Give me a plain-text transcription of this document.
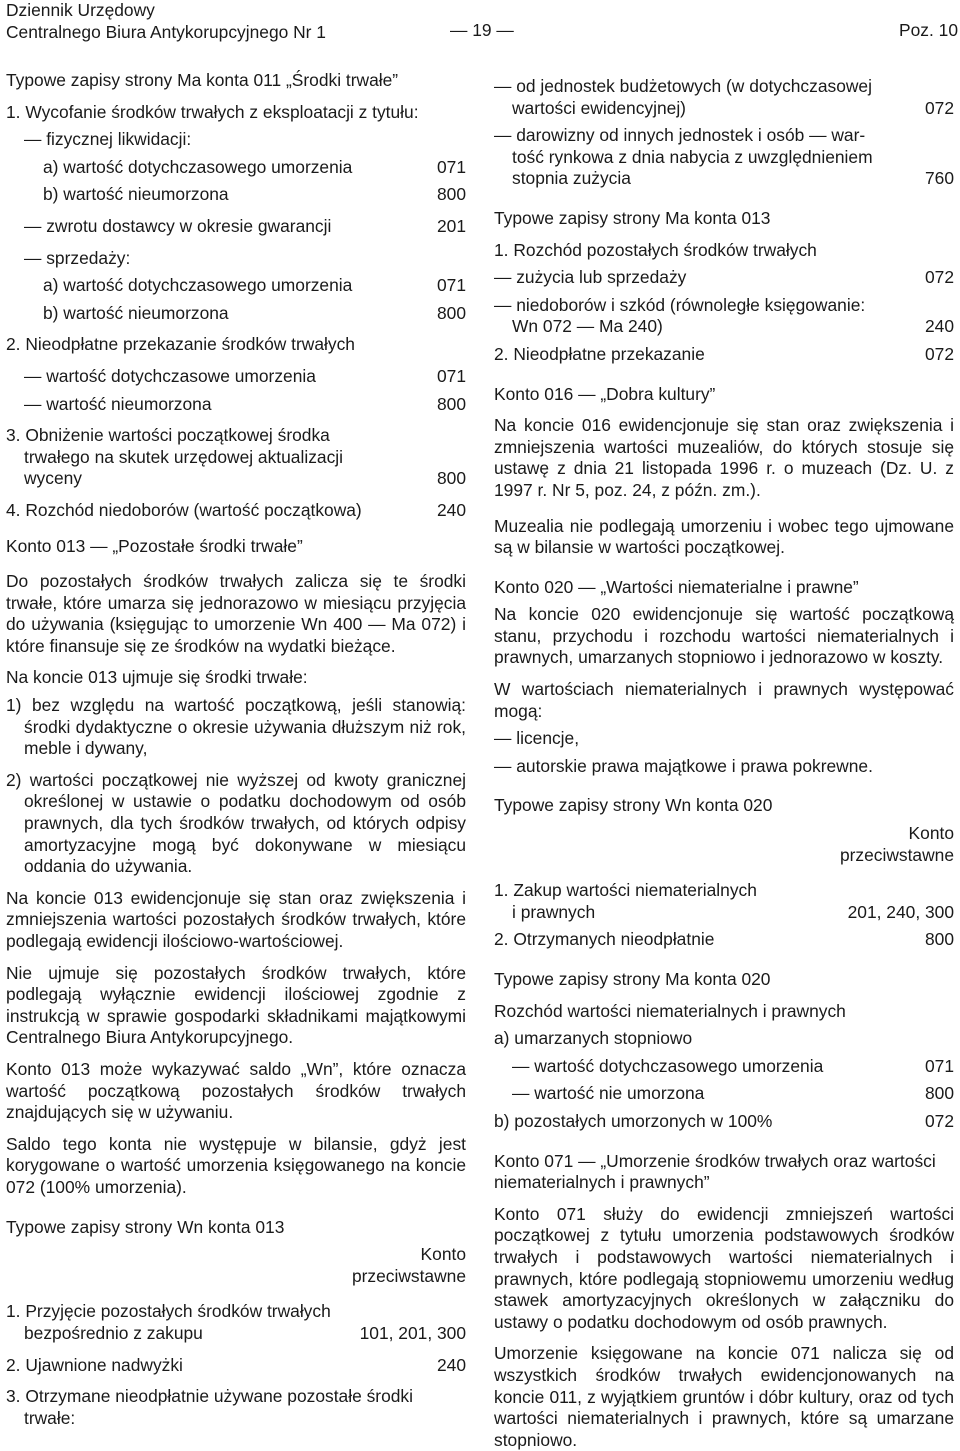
Dziennik Urzędowy
Centralnego Biura Antykorupcyjnego Nr 1	— 19 —	Poz. 10

Typowe zapisy strony Ma konta 011 „Środki trwałe”

1. Wycofanie środków trwałych z eksploatacji z tytułu:

— fizycznej likwidacji:

a) wartość dotychczasowego umorzenia	071
b) wartość nieumorzona	800
— zwrotu dostawcy w okresie gwarancji	201

— sprzedaży:

a) wartość dotychczasowego umorzenia	071
b) wartość nieumorzona	800

2. Nieodpłatne przekazanie środków trwałych

— wartość dotychczasowe umorzenia	071
— wartość nieumorzona	800
3. Obniżenie wartości początkowej środka trwałego na skutek urzędowej aktualizacji wyceny	800
4. Rozchód niedoborów (wartość początkowa)	240

Konto 013 — „Pozostałe środki trwałe”

Do pozostałych środków trwałych zalicza się te środki trwałe, które umarza się jednorazowo w miesiącu przyjęcia do używania (księgując to umorzenie Wn 400 — Ma 072) i które finansuje się ze środków na wydatki bieżące.

Na koncie 013 ujmuje się środki trwałe:

1) bez względu na wartość początkową, jeśli stanowią: środki dydaktyczne o okresie używania dłuższym niż rok, meble i dywany,

2) wartości początkowej nie wyższej od kwoty granicznej określonej w ustawie o podatku dochodowym od osób prawnych, dla tych środków trwałych, od których odpisy amortyzacyjne mogą być dokonywane w miesiącu oddania do używania.

Na koncie 013 ewidencjonuje się stan oraz zwiększenia i zmniejszenia wartości pozostałych środków trwałych, które podlegają ewidencji ilościowo-wartościowej.

Nie ujmuje się pozostałych środków trwałych, które podlegają wyłącznie ewidencji ilościowej zgodnie z instrukcją w sprawie gospodarki składnikami majątkowymi Centralnego Biura Antykorupcyjnego.

Konto 013 może wykazywać saldo „Wn”, które oznacza wartość początkową pozostałych środków trwałych znajdujących się w używaniu.

Saldo tego konta nie występuje w bilansie, gdyż jest korygowane o wartość umorzenia księgowanego na koncie 072 (100% umorzenia).

Typowe zapisy strony Wn konta 013

Konto

przeciwstawne

1. Przyjęcie pozostałych środków trwałych

bezpośrednio z zakupu	101, 201, 300
2. Ujawnione nadwyżki	240

3. Otrzymane nieodpłatnie używane pozostałe środki trwałe:

— od jednostek budżetowych (w dotychczasowej

wartości ewidencyjnej)	072

— darowizny od innych jednostek i osób — war-

tość rynkowa z dnia nabycia z uwzględnieniem

stopnia zużycia	760

Typowe zapisy strony Ma konta 013

1. Rozchód pozostałych środków trwałych

— zużycia lub sprzedaży	072

— niedoborów i szkód (równoległe księgowanie:

Wn 072 — Ma 240)	240
2. Nieodpłatne przekazanie	072

Konto 016 — „Dobra kultury”

Na koncie 016 ewidencjonuje się stan oraz zwiększenia i zmniejszenia wartości muzealiów, do których stosuje się ustawę z dnia 21 listopada 1996 r. o muzeach (Dz. U. z 1997 r. Nr 5, poz. 24, z późn. zm.).

Muzealia nie podlegają umorzeniu i wobec tego ujmowane są w bilansie w wartości początkowej.

Konto 020 — „Wartości niematerialne i prawne”

Na koncie 020 ewidencjonuje się wartość początkową stanu, przychodu i rozchodu wartości niematerialnych i prawnych, umarzanych stopniowo i jednorazowo w koszty.

W wartościach niematerialnych i prawnych występować mogą:

— licencje,

— autorskie prawa majątkowe i prawa pokrewne.

Typowe zapisy strony Wn konta 020

Konto

przeciwstawne

1. Zakup wartości niematerialnych

i prawnych	201, 240, 300
2. Otrzymanych nieodpłatnie	800

Typowe zapisy strony Ma konta 020

Rozchód wartości niematerialnych i prawnych

a) umarzanych stopniowo

— wartość dotychczasowego umorzenia	071
— wartość nie umorzona	800
b) pozostałych umorzonych w 100%	072

Konto 071 — „Umorzenie środków trwałych oraz wartości niematerialnych i prawnych”

Konto 071 służy do ewidencji zmniejszeń wartości początkowej z tytułu umorzenia podstawowych środków trwałych i podstawowych wartości niematerialnych i prawnych, które podlegają stopniowemu umorzeniu według stawek amortyzacyjnych określonych w załączniku do ustawy o podatku dochodowym od osób prawnych.

Umorzenie księgowane na koncie 071 nalicza się od wszystkich środków trwałych ewidencjonowanych na koncie 011, z wyjątkiem gruntów i dóbr kultury, oraz od tych wartości niematerialnych i prawnych, które są umarzane stopniowo.
